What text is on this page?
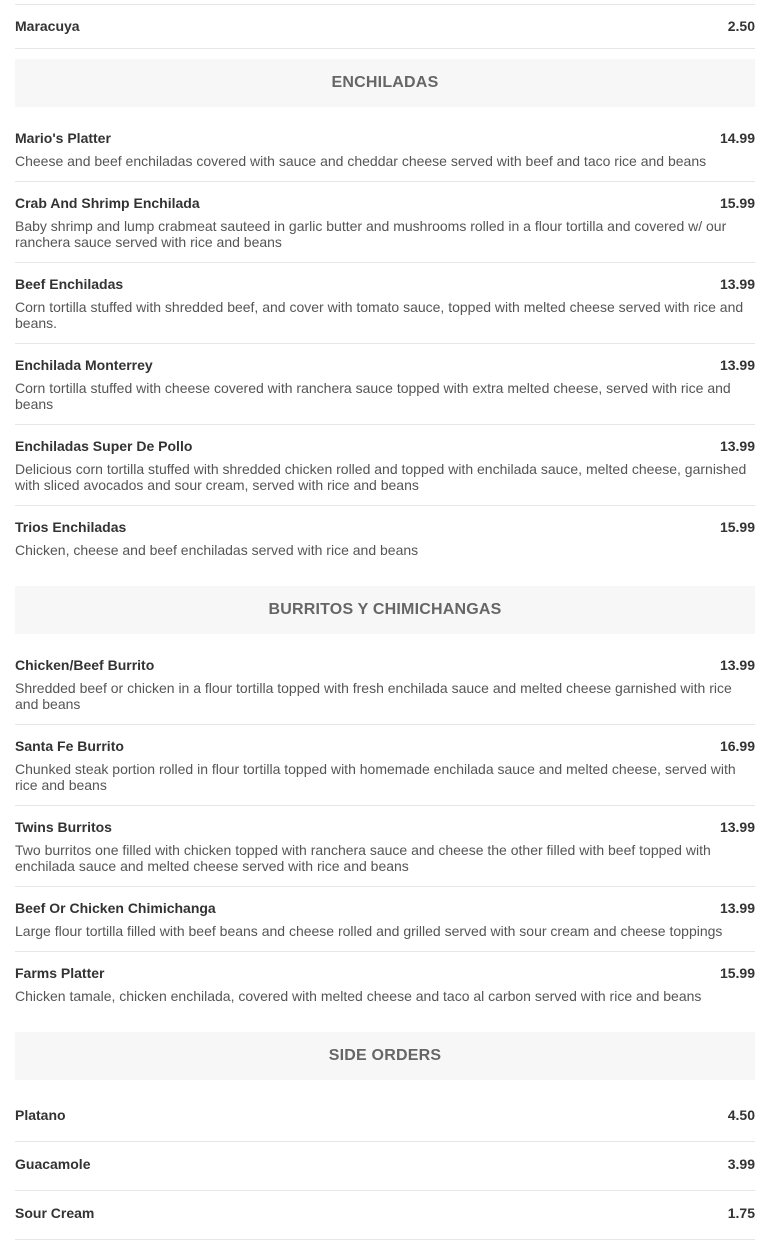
Maracuya	2.50
ENCHILADAS
Mario's Platter	14.99
Cheese and beef enchiladas covered with sauce and cheddar cheese served with beef and taco rice and beans
Crab And Shrimp Enchilada	15.99
Baby shrimp and lump crabmeat sauteed in garlic butter and mushrooms rolled in a flour tortilla and covered w/ our ranchera sauce served with rice and beans
Beef Enchiladas	13.99
Corn tortilla stuffed with shredded beef, and cover with tomato sauce, topped with melted cheese served with rice and beans.
Enchilada Monterrey	13.99
Corn tortilla stuffed with cheese covered with ranchera sauce topped with extra melted cheese, served with rice and beans
Enchiladas Super De Pollo	13.99
Delicious corn tortilla stuffed with shredded chicken rolled and topped with enchilada sauce, melted cheese, garnished with sliced avocados and sour cream, served with rice and beans
Trios Enchiladas	15.99
Chicken, cheese and beef enchiladas served with rice and beans
BURRITOS Y CHIMICHANGAS
Chicken/Beef Burrito	13.99
Shredded beef or chicken in a flour tortilla topped with fresh enchilada sauce and melted cheese garnished with rice and beans
Santa Fe Burrito	16.99
Chunked steak portion rolled in flour tortilla topped with homemade enchilada sauce and melted cheese, served with rice and beans
Twins Burritos	13.99
Two burritos one filled with chicken topped with ranchera sauce and cheese the other filled with beef topped with enchilada sauce and melted cheese served with rice and beans
Beef Or Chicken Chimichanga	13.99
Large flour tortilla filled with beef beans and cheese rolled and grilled served with sour cream and cheese toppings
Farms Platter	15.99
Chicken tamale, chicken enchilada, covered with melted cheese and taco al carbon served with rice and beans
SIDE ORDERS
Platano	4.50
Guacamole	3.99
Sour Cream	1.75
